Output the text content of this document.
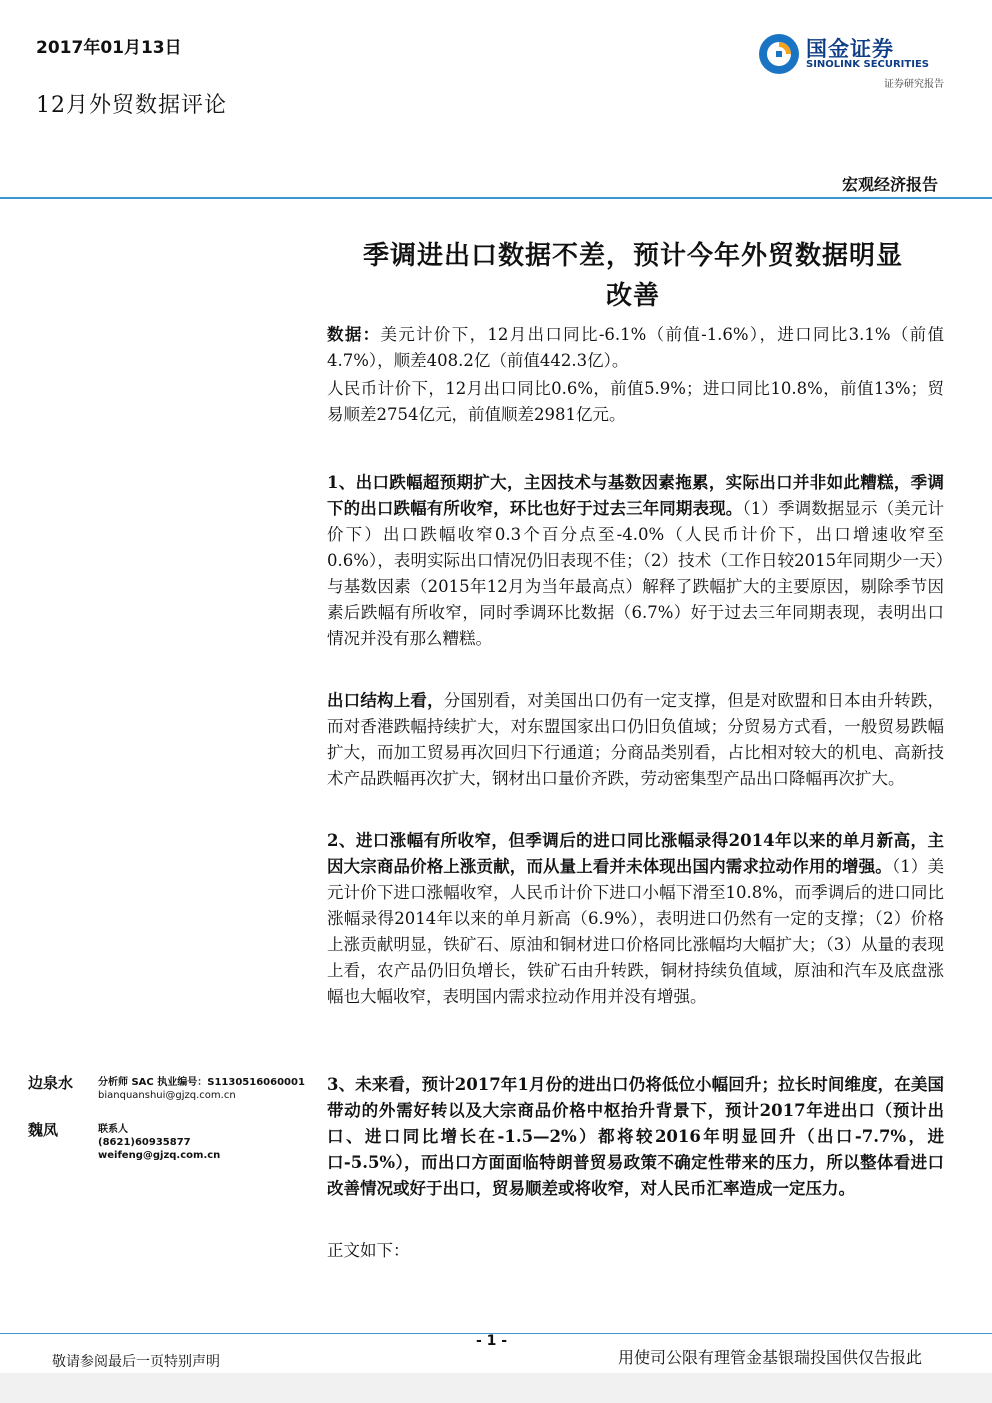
2017年01月13日
12月外贸数据评论
国金证券
SINOLINK SECURITIES
证券研究报告
宏观经济报告
季调进出口数据不差，预计今年外贸数据明显
改善
数据：美元计价下，12月出口同比-6.1%（前值-1.6%），进口同比3.1%（前值4.7%），顺差408.2亿（前值442.3亿）。
人民币计价下，12月出口同比0.6%，前值5.9%；进口同比10.8%，前值13%；贸易顺差2754亿元，前值顺差2981亿元。
1、出口跌幅超预期扩大，主因技术与基数因素拖累，实际出口并非如此糟糕，季调下的出口跌幅有所收窄，环比也好于过去三年同期表现。（1）季调数据显示（美元计价下）出口跌幅收窄0.3个百分点至-4.0%（人民币计价下，出口增速收窄至0.6%），表明实际出口情况仍旧表现不佳；（2）技术（工作日较2015年同期少一天）与基数因素（2015年12月为当年最高点）解释了跌幅扩大的主要原因，剔除季节因素后跌幅有所收窄，同时季调环比数据（6.7%）好于过去三年同期表现，表明出口情况并没有那么糟糕。
出口结构上看，分国别看，对美国出口仍有一定支撑，但是对欧盟和日本由升转跌，而对香港跌幅持续扩大，对东盟国家出口仍旧负值域；分贸易方式看，一般贸易跌幅扩大，而加工贸易再次回归下行通道；分商品类别看，占比相对较大的机电、高新技术产品跌幅再次扩大，钢材出口量价齐跌，劳动密集型产品出口降幅再次扩大。
2、进口涨幅有所收窄，但季调后的进口同比涨幅录得2014年以来的单月新高，主因大宗商品价格上涨贡献，而从量上看并未体现出国内需求拉动作用的增强。（1）美元计价下进口涨幅收窄，人民币计价下进口小幅下滑至10.8%，而季调后的进口同比涨幅录得2014年以来的单月新高（6.9%），表明进口仍然有一定的支撑；（2）价格上涨贡献明显，铁矿石、原油和铜材进口价格同比涨幅均大幅扩大；（3）从量的表现上看，农产品仍旧负增长，铁矿石由升转跌，铜材持续负值域，原油和汽车及底盘涨幅也大幅收窄，表明国内需求拉动作用并没有增强。
3、未来看，预计2017年1月份的进出口仍将低位小幅回升；拉长时间维度，在美国带动的外需好转以及大宗商品价格中枢抬升背景下，预计2017年进出口（预计出口、进口同比增长在-1.5—2%）都将较2016年明显回升（出口-7.7%，进口-5.5%），而出口方面面临特朗普贸易政策不确定性带来的压力，所以整体看进口改善情况或好于出口，贸易顺差或将收窄，对人民币汇率造成一定压力。
正文如下：
边泉水 分析师 SAC 执业编号：S1130516060001
bianquanshui@gjzq.com.cn
魏凤	联系人
(8621)60935877
weifeng@gjzq.com.cn
- 1 -
敬请参阅最后一页特别声明	用使司公限有理管金基银瑞投国供仅告报此
